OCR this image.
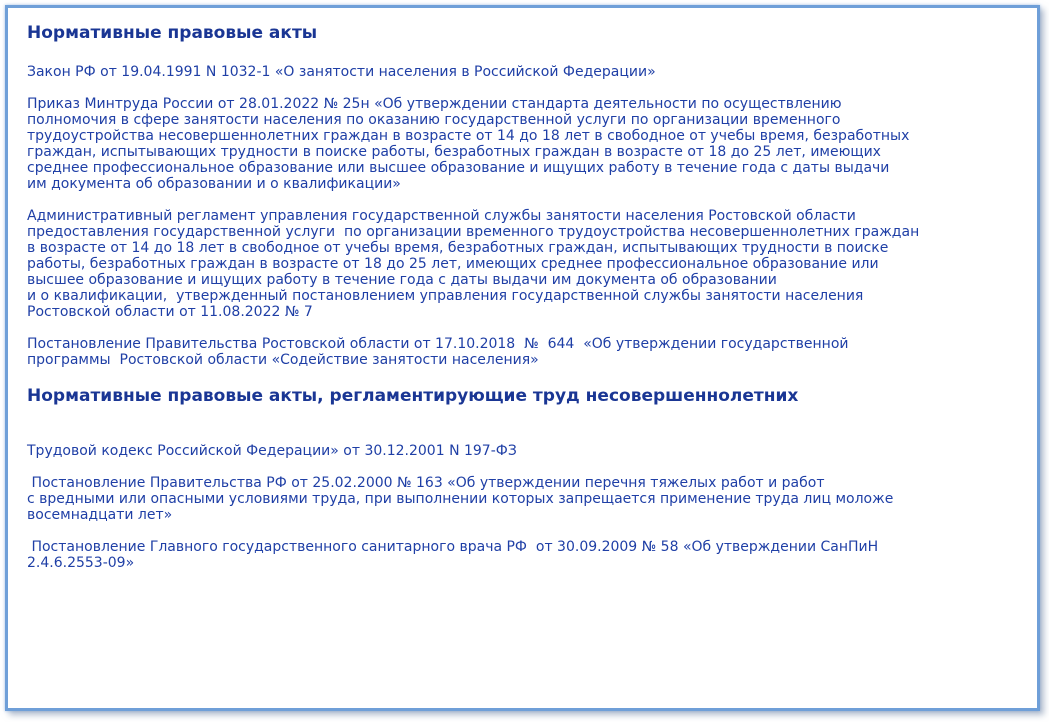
Нормативные правовые акты

Закон РФ от 19.04.1991 N 1032-1 «О занятости населения в Российской Федерации»

Приказ Минтруда России от 28.01.2022 № 25н «Об утверждении стандарта деятельности по осуществлению
полномочия в сфере занятости населения по оказанию государственной услуги по организации временного
трудоустройства несовершеннолетних граждан в возрасте от 14 до 18 лет в свободное от учебы время, безработных
граждан, испытывающих трудности в поиске работы, безработных граждан в возрасте от 18 до 25 лет, имеющих
среднее профессиональное образование или высшее образование и ищущих работу в течение года с даты выдачи
им документа об образовании и о квалификации»

Административный регламент управления государственной службы занятости населения Ростовской области
предоставления государственной услуги  по организации временного трудоустройства несовершеннолетних граждан
в возрасте от 14 до 18 лет в свободное от учебы время, безработных граждан, испытывающих трудности в поиске
работы, безработных граждан в возрасте от 18 до 25 лет, имеющих среднее профессиональное образование или
высшее образование и ищущих работу в течение года с даты выдачи им документа об образовании
и о квалификации,  утвержденный постановлением управления государственной службы занятости населения
Ростовской области от 11.08.2022 № 7

Постановление Правительства Ростовской области от 17.10.2018  №  644  «Об утверждении государственной
программы  Ростовской области «Содействие занятости населения»

Нормативные правовые акты, регламентирующие труд несовершеннолетних

Трудовой кодекс Российской Федерации» от 30.12.2001 N 197-ФЗ

Постановление Правительства РФ от 25.02.2000 № 163 «Об утверждении перечня тяжелых работ и работ
с вредными или опасными условиями труда, при выполнении которых запрещается применение труда лиц моложе
восемнадцати лет»

Постановление Главного государственного санитарного врача РФ  от 30.09.2009 № 58 «Об утверждении СанПиН
2.4.6.2553-09»
